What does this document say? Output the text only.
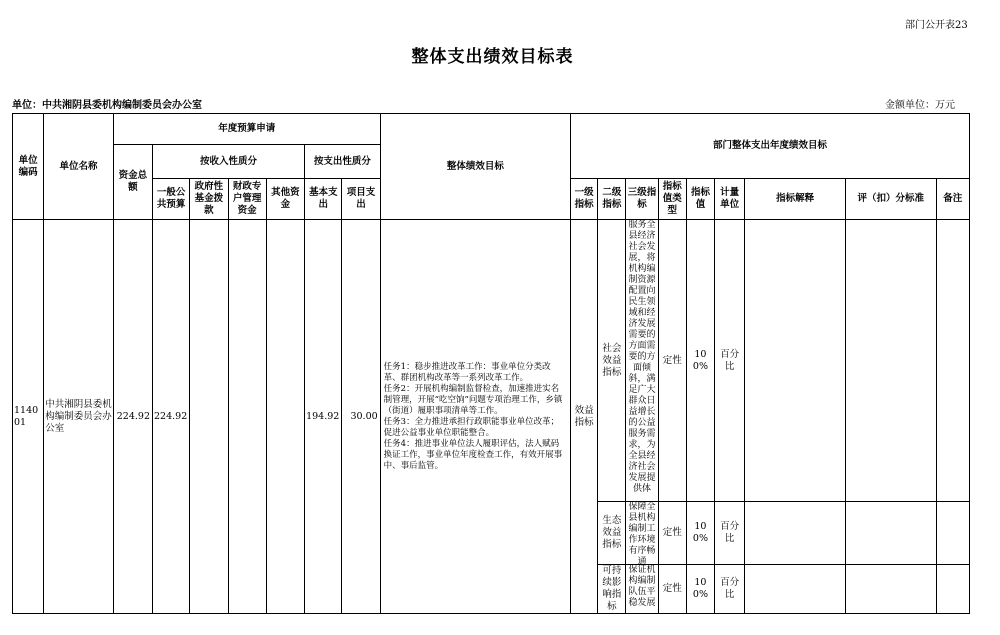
部门公开表23
整体支出绩效目标表
单位：中共湘阴县委机构编制委员会办公室	金额单位：万元
单位编码	单位名称	年度预算申请							整体绩效目标	部门整体支出年度绩效目标								
		资金总额	按收入性质分				按支出性质分											
			一般公共预算	政府性基金拨款	财政专户管理资金	其他资金	基本支出	项目支出		一级指标	二级指标	三级指标	指标值类型	指标值	计量单位	指标解释	评（扣）分标准	备注
114001	中共湘阴县委机构编制委员会办公室	224.92	224.92				194.92	30.00	任务1：稳步推进改革工作：事业单位分类改革、群团机构改革等一系列改革工作。
任务2：开展机构编制监督检查，加速推进实名制管理，开展“吃空饷”问题专项治理工作，乡镇（街道）履职事项清单等工作。
任务3：全力推进承担行政职能事业单位改革；促进公益事业单位职能整合。
任务4：推进事业单位法人履职评估，法人赋码换证工作，事业单位年度检查工作，有效开展事中、事后监管。	效益指标	社会效益指标	服务全县经济社会发展，将机构编制资源配置向民生领域和经济发展需要的方面需要的方面倾斜，满足广大群众日益增长的公益服务需求，为全县经济社会发展提供体	定性	100%	百分比			
											生态效益指标	保障全县机构编制工作环境有序畅通	定性	100%	百分比			
											可持续影响指标	保证机构编制队伍平稳发展	定性	100%	百分比			
